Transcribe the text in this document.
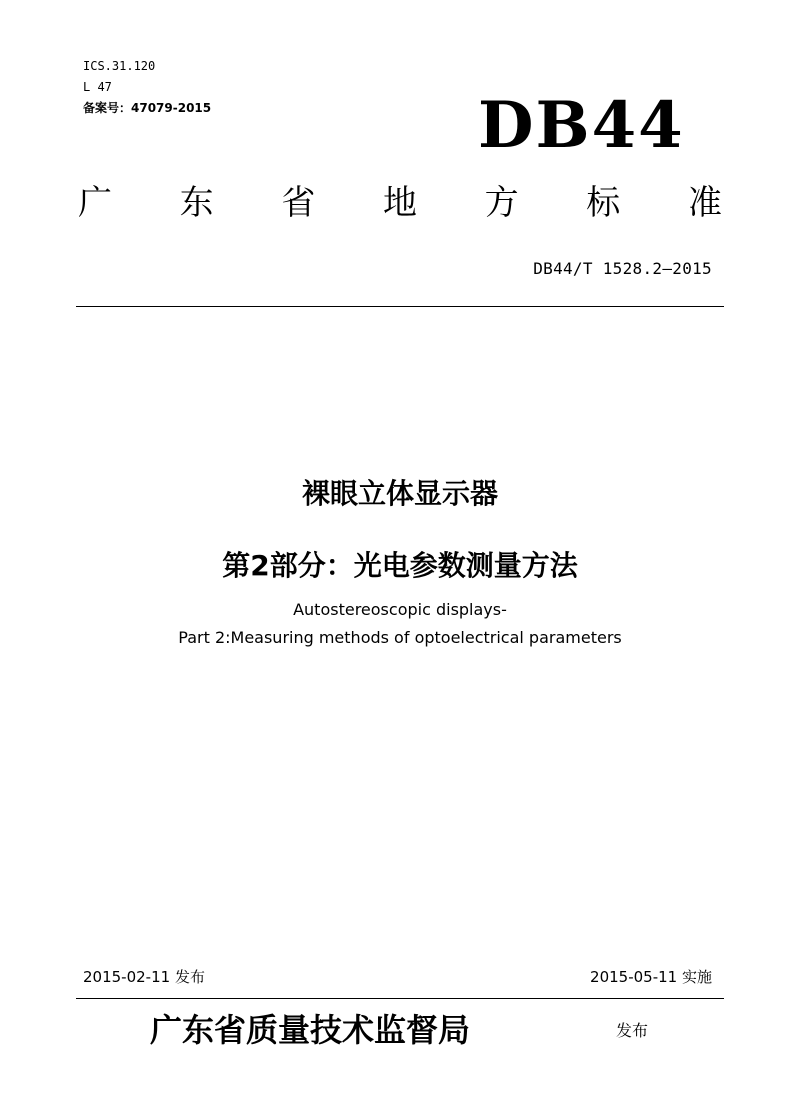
ICS.31.120
L 47
备案号：47079-2015	DB44
广 东 省 地 方 标 准
DB44/T 1528.2—2015
裸眼立体显示器
第2部分：光电参数测量方法
Autostereoscopic displays-
Part 2:Measuring methods of optoelectrical parameters
2015-02-11 发布	2015-05-11 实施
广东省质量技术监督局	发布
